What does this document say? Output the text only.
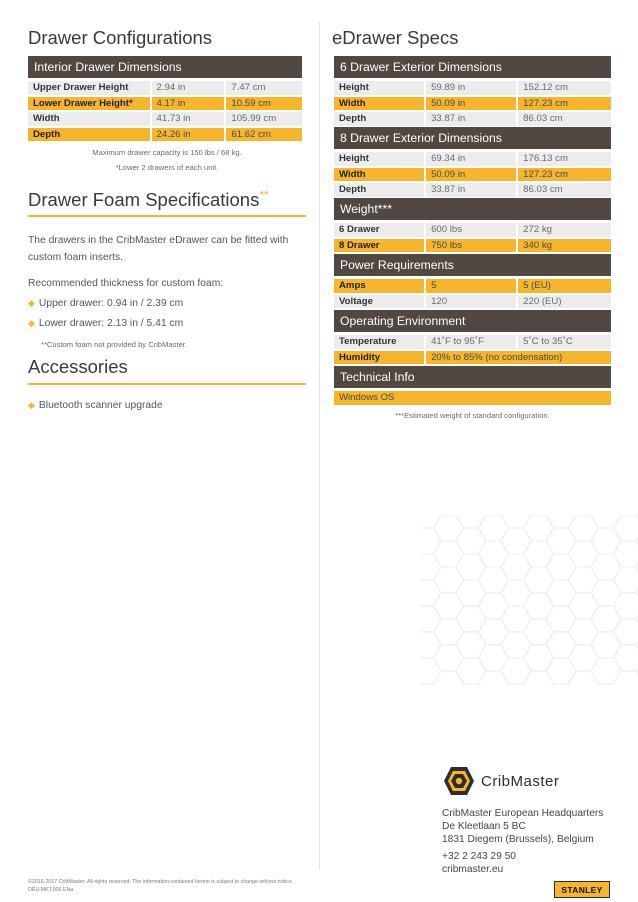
Drawer Configurations
Interior Drawer Dimensions
Upper Drawer Height	2.94 in	7.47 cm
Lower Drawer Height*	4.17 in	10.59 cm
Width	41.73 in	105.99 cm
Depth	24.26 in	61.62 cm
Maximum drawer capacity is 150 lbs / 68 kg.
*Lower 2 drawers of each unit.
Drawer Foam Specifications**
The drawers in the CribMaster eDrawer can be fitted with custom foam inserts.
Recommended thickness for custom foam:
◆ Upper drawer: 0.94 in / 2.39 cm
◆ Lower drawer: 2.13 in / 5.41 cm
**Custom foam not provided by CribMaster.
Accessories
◆ Bluetooth scanner upgrade
eDrawer Specs
6 Drawer Exterior Dimensions
Height	59.89 in	152.12 cm
Width	50.09 in	127.23 cm
Depth	33.87 in	86.03 cm
8 Drawer Exterior Dimensions
Height	69.34 in	176.13 cm
Width	50.09 in	127.23 cm
Depth	33.87 in	86.03 cm
Weight***
6 Drawer	600 lbs	272 kg
8 Drawer	750 lbs	340 kg
Power Requirements
Amps	5	5 (EU)
Voltage	120	220 (EU)
Operating Environment
Temperature	41˚F to 95˚F	5˚C to 35˚C
Humidity	20% to 85% (no condensation)	
Technical Info
Windows OS
***Estimated weight of standard configuration.
CribMaster
CribMaster European Headquarters
De Kleetlaan 5 BC
1831 Diegem (Brussels), Belgium
+32 2 243 29 50
cribmaster.eu
©2016-2017 CribMaster. All rights reserved. The information contained herein is subject to change without notice.
DEU.MKT.006.ENa	STANLEY
